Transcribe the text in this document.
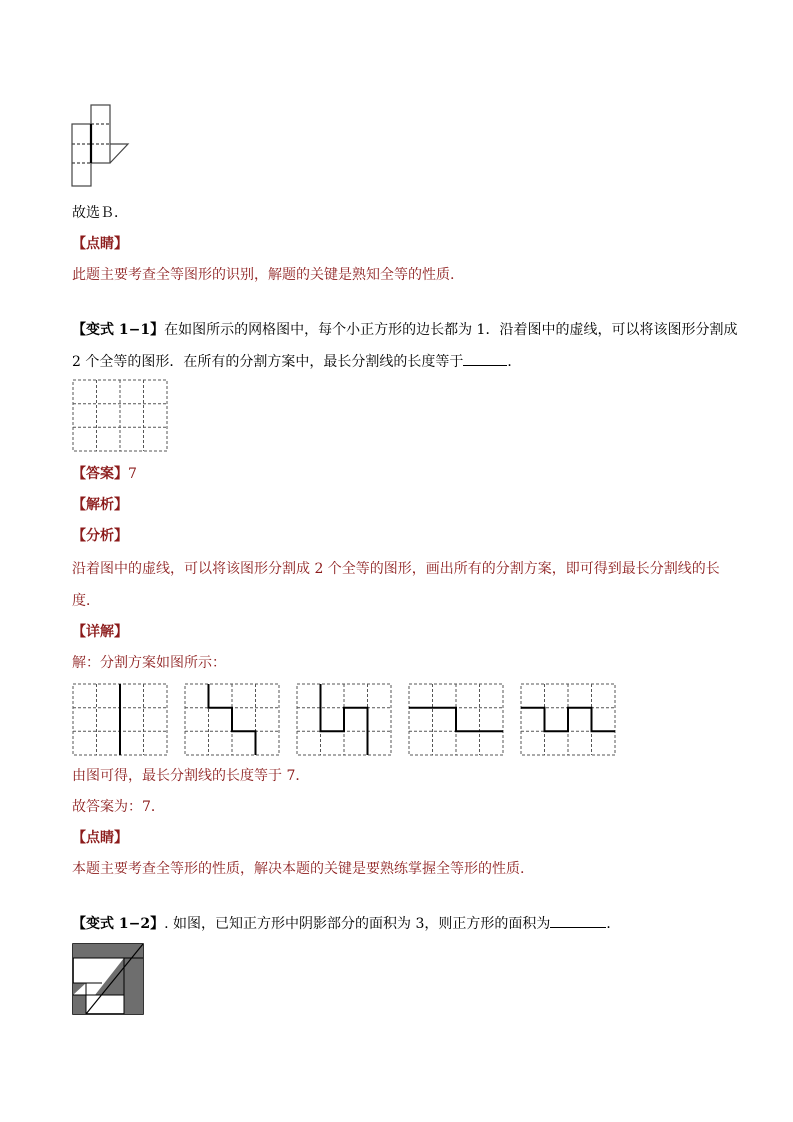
故选Ｂ．
【点睛】
此题主要考查全等图形的识别，解题的关键是熟知全等的性质.
【变式 1−1】在如图所示的网格图中，每个小正方形的边长都为 1．沿着图中的虚线，可以将该图形分割成
2 个全等的图形．在所有的分割方案中，最长分割线的长度等于	．
【答案】7
【解析】
【分析】
沿着图中的虚线，可以将该图形分割成 2 个全等的图形，画出所有的分割方案，即可得到最长分割线的长
度．
【详解】
解：分割方案如图所示：
由图可得，最长分割线的长度等于 7．
故答案为：7．
【点睛】
本题主要考查全等形的性质，解决本题的关键是要熟练掌握全等形的性质.
【变式 1−2】. 如图，已知正方形中阴影部分的面积为 3，则正方形的面积为	．
